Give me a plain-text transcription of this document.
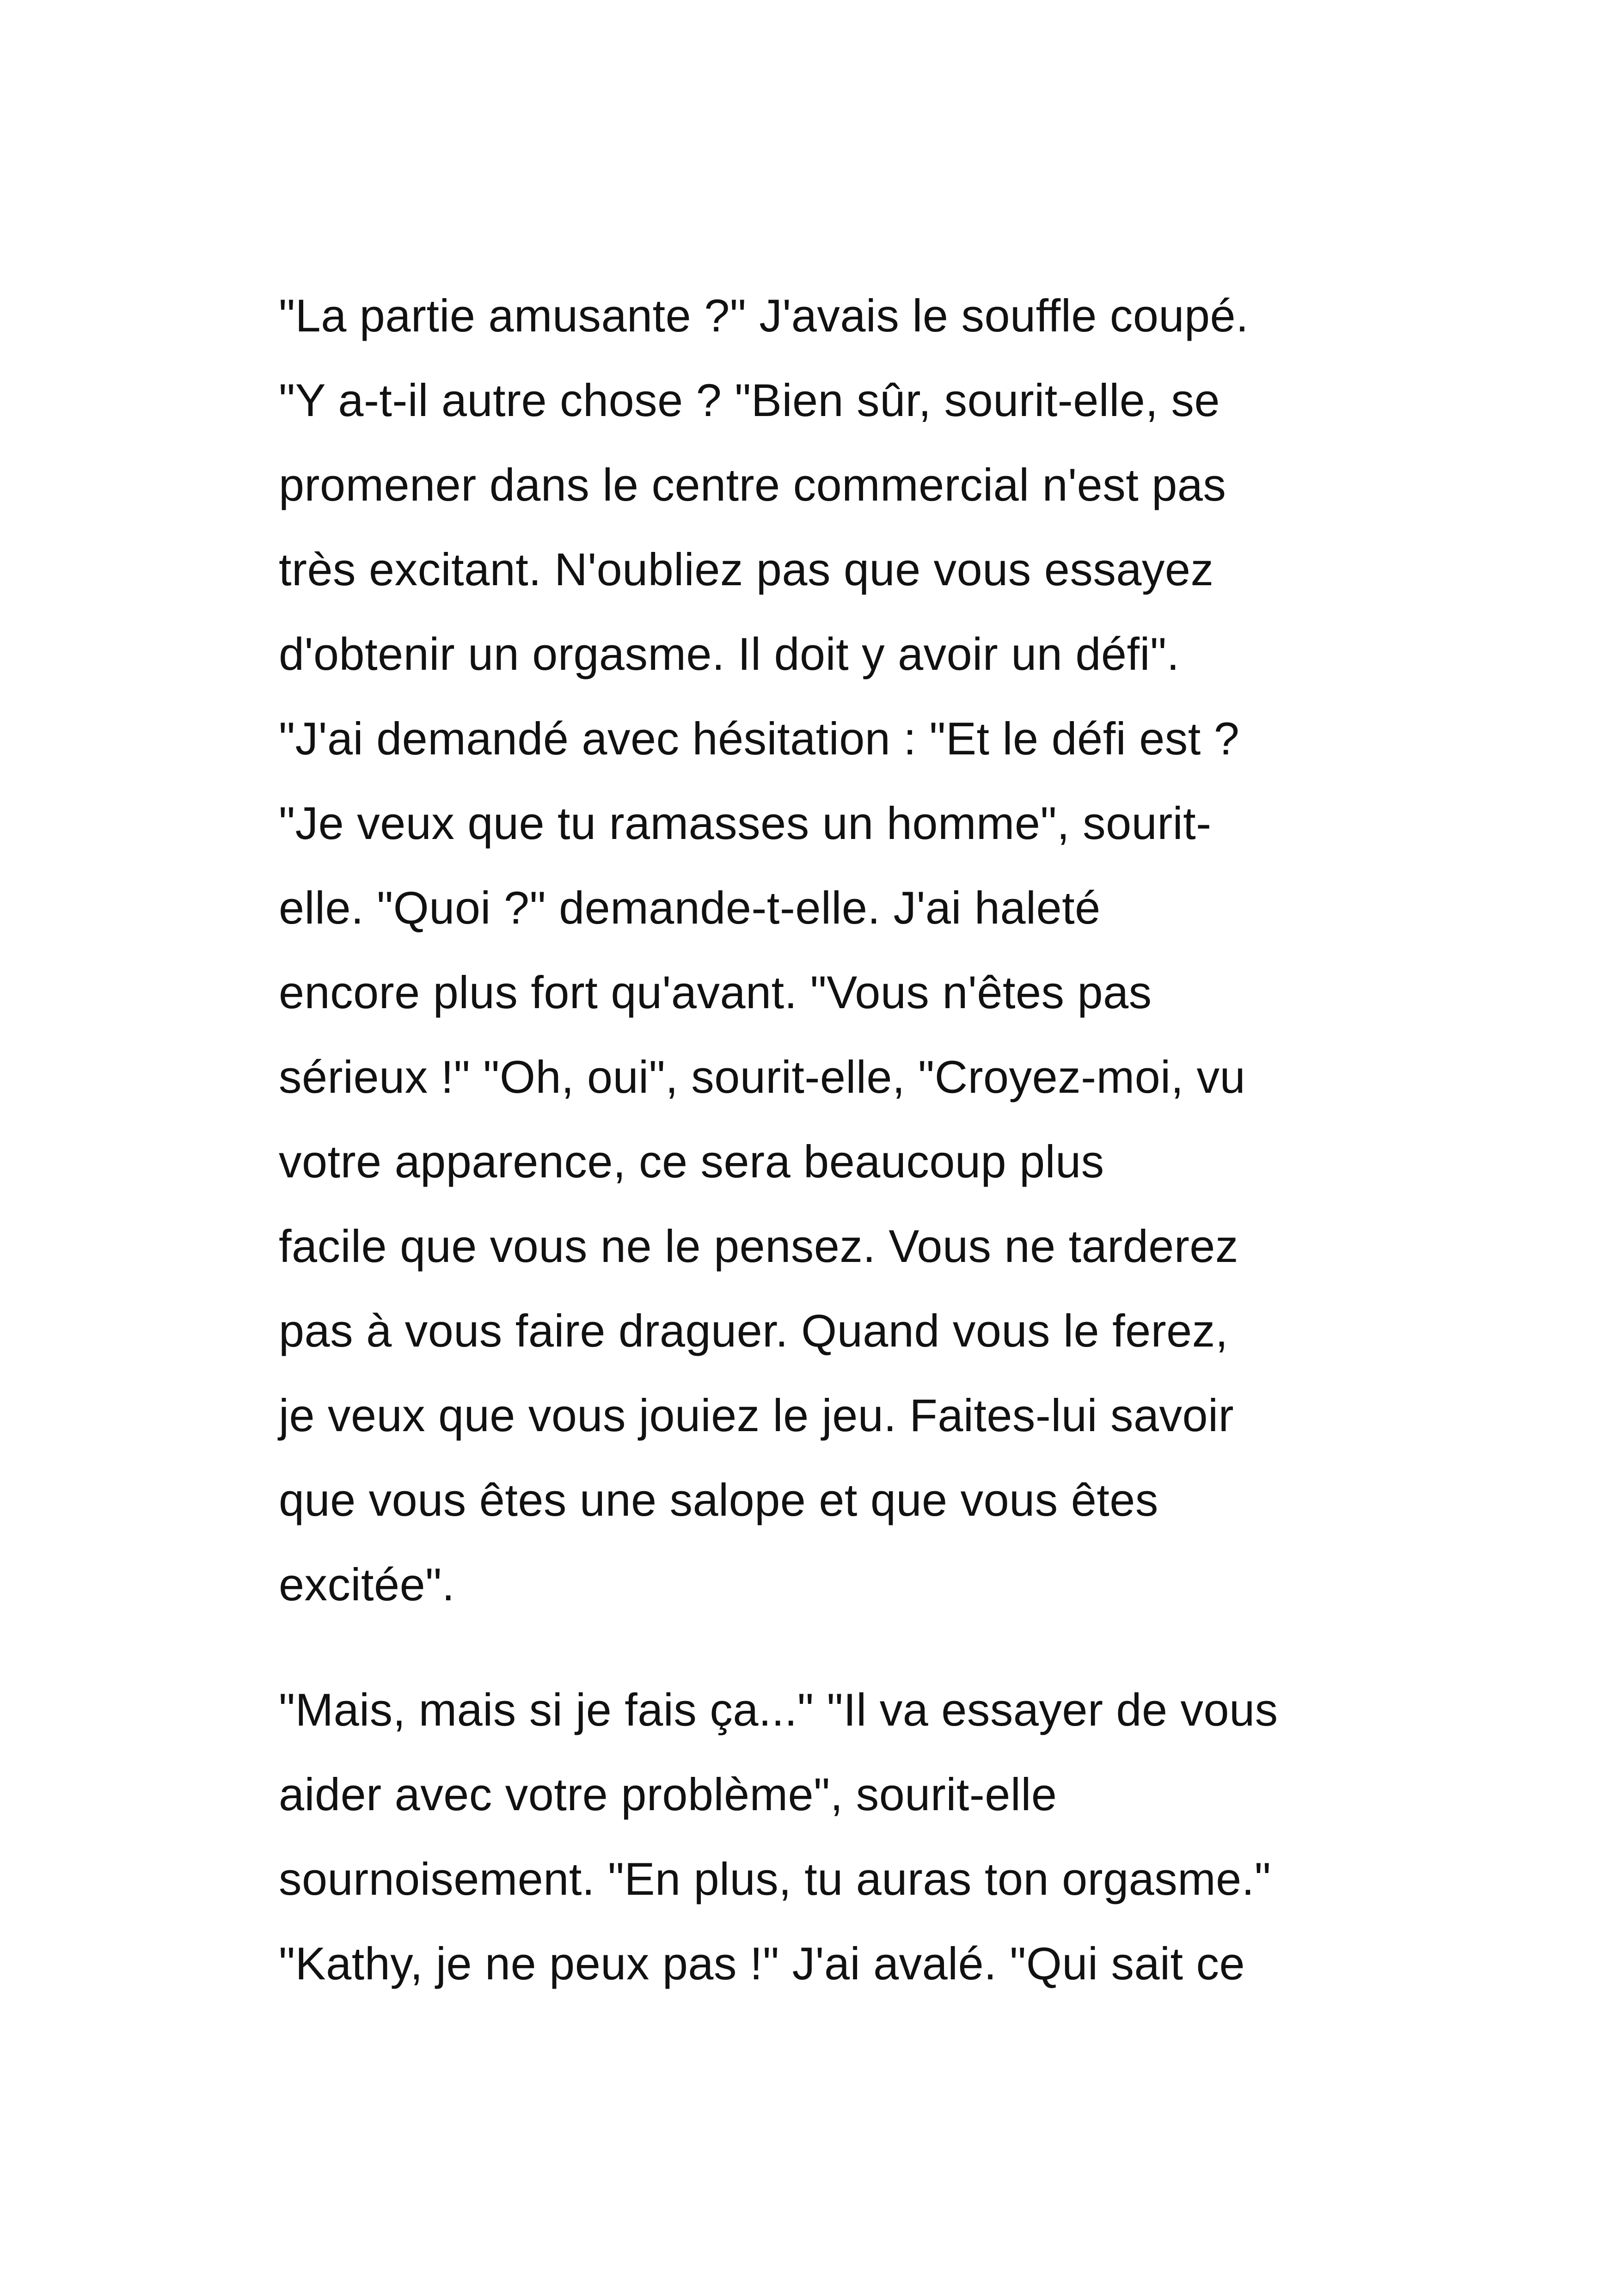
"La partie amusante ?" J'avais le souffle coupé.
"Y a-t-il autre chose ? "Bien sûr, sourit-elle, se
promener dans le centre commercial n'est pas
très excitant. N'oubliez pas que vous essayez
d'obtenir un orgasme. Il doit y avoir un défi".
"J'ai demandé avec hésitation : "Et le défi est ?
"Je veux que tu ramasses un homme", sourit-
elle. "Quoi ?" demande-t-elle. J'ai haleté
encore plus fort qu'avant. "Vous n'êtes pas
sérieux !" "Oh, oui", sourit-elle, "Croyez-moi, vu
votre apparence, ce sera beaucoup plus
facile que vous ne le pensez. Vous ne tarderez
pas à vous faire draguer. Quand vous le ferez,
je veux que vous jouiez le jeu. Faites-lui savoir
que vous êtes une salope et que vous êtes
excitée".
"Mais, mais si je fais ça..." "Il va essayer de vous
aider avec votre problème", sourit-elle
sournoisement. "En plus, tu auras ton orgasme."
"Kathy, je ne peux pas !" J'ai avalé. "Qui sait ce
